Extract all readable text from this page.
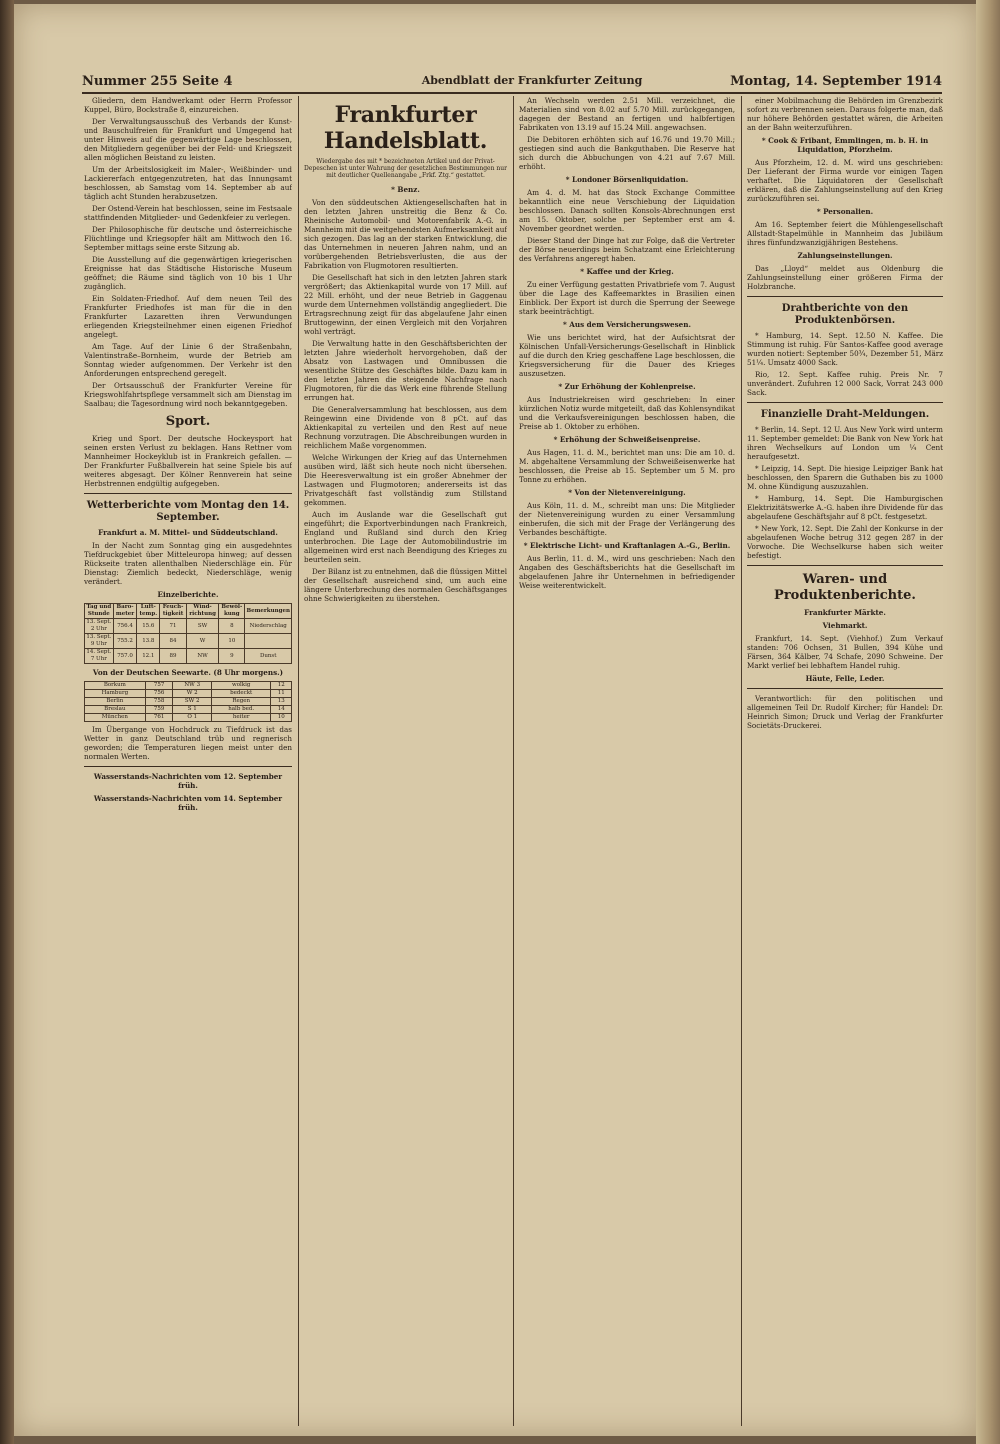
Nummer 255 Seite 4	Abendblatt der Frankfurter Zeitung	Montag, 14. September 1914

Gliedern, dem Handwerkamt oder Herrn Professor Kuppel, Büro, Bockstraße 8, einzureichen.

Der Verwaltungsausschuß des Verbands der Kunst- und Bauschulfreien für Frankfurt und Umgegend hat unter Hinweis auf die gegenwärtige Lage beschlossen, den Mitgliedern gegenüber bei der Feld- und Kriegszeit allen möglichen Beistand zu leisten.

Um der Arbeitslosigkeit im Maler-, Weißbinder- und Lackiererfach entgegenzutreten, hat das Innungsamt beschlossen, ab Samstag vom 14. September ab auf täglich acht Stunden herabzusetzen.

Der Ostend-Verein hat beschlossen, seine im Festsaale stattfindenden Mitglieder- und Gedenkfeier zu verlegen.

Der Philosophische für deutsche und österreichische Flüchtlinge und Kriegsopfer hält am Mittwoch den 16. September mittags seine erste Sitzung ab.

Die Ausstellung auf die gegenwärtigen kriegerischen Ereignisse hat das Städtische Historische Museum geöffnet; die Räume sind täglich von 10 bis 1 Uhr zugänglich.

Ein Soldaten-Friedhof. Auf dem neuen Teil des Frankfurter Friedhofes ist man für die in den Frankfurter Lazaretten ihren Verwundungen erliegenden Kriegsteilnehmer einen eigenen Friedhof angelegt.

Am Tage. Auf der Linie 6 der Straßenbahn, Valentinstraße–Bornheim, wurde der Betrieb am Sonntag wieder aufgenommen. Der Verkehr ist den Anforderungen entsprechend geregelt.

Der Ortsausschuß der Frankfurter Vereine für Kriegswohlfahrtspflege versammelt sich am Dienstag im Saalbau; die Tagesordnung wird noch bekanntgegeben.

Sport.

Krieg und Sport. Der deutsche Hockeysport hat seinen ersten Verlust zu beklagen. Hans Rettner vom Mannheimer Hockeyklub ist in Frankreich gefallen. — Der Frankfurter Fußballverein hat seine Spiele bis auf weiteres abgesagt. Der Kölner Rennverein hat seine Herbstrennen endgültig aufgegeben.

Wetterberichte vom Montag den 14. September.
Frankfurt a. M. Mittel- und Süddeutschland.

In der Nacht zum Sonntag ging ein ausgedehntes Tiefdruckgebiet über Mitteleuropa hinweg; auf dessen Rückseite traten allenthalben Niederschläge ein. Für Dienstag: Ziemlich bedeckt, Niederschläge, wenig verändert.

Einzelberichte.
Tag und Stunde	Baro-meter	Luft-temp.	Feuch-tigkeit	Wind-richtung	Bewöl-kung	Bemerkungen
13. Sept. 2 Uhr	756.4	15.6	71	SW	8	Niederschlag
13. Sept. 9 Uhr	755.2	13.8	84	W	10	
14. Sept. 7 Uhr	757.0	12.1	89	NW	9	Dunst
Von der Deutschen Seewarte. (8 Uhr morgens.)
Borkum	757	NW 3	wolkig	12
Hamburg	756	W 2	bedeckt	11
Berlin	758	SW 2	Regen	13
Breslau	759	S 1	halb bed.	14
München	761	O 1	heiter	10

Im Übergange von Hochdruck zu Tiefdruck ist das Wetter in ganz Deutschland trüb und regnerisch geworden; die Temperaturen liegen meist unter den normalen Werten.

Wasserstands-Nachrichten vom 12. September früh.
Wasserstands-Nachrichten vom 14. September früh.
Frankfurter Handelsblatt.
Wiedergabe des mit * bezeichneten Artikel und der Privat-Depeschen ist unter Wahrung der gesetzlichen Bestimmungen nur mit deutlicher Quellenangabe „Frkf. Ztg.“ gestattet.
* Benz.

Von den süddeutschen Aktiengesellschaften hat in den letzten Jahren unstreitig die Benz & Co. Rheinische Automobil- und Motorenfabrik A.-G. in Mannheim mit die weitgehendsten Aufmerksamkeit auf sich gezogen. Das lag an der starken Entwicklung, die das Unternehmen in neueren Jahren nahm, und an vorübergehenden Betriebsverlusten, die aus der Fabrikation von Flugmotoren resultierten.

Die Gesellschaft hat sich in den letzten Jahren stark vergrößert; das Aktienkapital wurde von 17 Mill. auf 22 Mill. erhöht, und der neue Betrieb in Gaggenau wurde dem Unternehmen vollständig angegliedert. Die Ertragsrechnung zeigt für das abgelaufene Jahr einen Bruttogewinn, der einen Vergleich mit den Vorjahren wohl verträgt.

Die Verwaltung hatte in den Geschäftsberichten der letzten Jahre wiederholt hervorgehoben, daß der Absatz von Lastwagen und Omnibussen die wesentliche Stütze des Geschäftes bilde. Dazu kam in den letzten Jahren die steigende Nachfrage nach Flugmotoren, für die das Werk eine führende Stellung errungen hat.

Die Generalversammlung hat beschlossen, aus dem Reingewinn eine Dividende von 8 pCt. auf das Aktienkapital zu verteilen und den Rest auf neue Rechnung vorzutragen. Die Abschreibungen wurden in reichlichem Maße vorgenommen.

Welche Wirkungen der Krieg auf das Unternehmen ausüben wird, läßt sich heute noch nicht übersehen. Die Heeresverwaltung ist ein großer Abnehmer der Lastwagen und Flugmotoren; andererseits ist das Privatgeschäft fast vollständig zum Stillstand gekommen.

Auch im Auslande war die Gesellschaft gut eingeführt; die Exportverbindungen nach Frankreich, England und Rußland sind durch den Krieg unterbrochen. Die Lage der Automobilindustrie im allgemeinen wird erst nach Beendigung des Krieges zu beurteilen sein.

Der Bilanz ist zu entnehmen, daß die flüssigen Mittel der Gesellschaft ausreichend sind, um auch eine längere Unterbrechung des normalen Geschäftsganges ohne Schwierigkeiten zu überstehen.

An Wechseln werden 2.51 Mill. verzeichnet, die Materialien sind von 8.02 auf 5.70 Mill. zurückgegangen, dagegen der Bestand an fertigen und halbfertigen Fabrikaten von 13.19 auf 15.24 Mill. angewachsen.

Die Debitoren erhöhten sich auf 16.76 und 19.70 Mill.; gestiegen sind auch die Bankguthaben. Die Reserve hat sich durch die Abbuchungen von 4.21 auf 7.67 Mill. erhöht.

* Londoner Börsenliquidation.

Am 4. d. M. hat das Stock Exchange Committee bekanntlich eine neue Verschiebung der Liquidation beschlossen. Danach sollten Konsols-Abrechnungen erst am 15. Oktober, solche per September erst am 4. November geordnet werden.

Dieser Stand der Dinge hat zur Folge, daß die Vertreter der Börse neuerdings beim Schatzamt eine Erleichterung des Verfahrens angeregt haben.

* Kaffee und der Krieg.

Zu einer Verfügung gestatten Privatbriefe vom 7. August über die Lage des Kaffeemarktes in Brasilien einen Einblick. Der Export ist durch die Sperrung der Seewege stark beeinträchtigt.

* Aus dem Versicherungswesen.

Wie uns berichtet wird, hat der Aufsichtsrat der Kölnischen Unfall-Versicherungs-Gesellschaft in Hinblick auf die durch den Krieg geschaffene Lage beschlossen, die Kriegsversicherung für die Dauer des Krieges auszusetzen.

* Zur Erhöhung der Kohlenpreise.

Aus Industriekreisen wird geschrieben: In einer kürzlichen Notiz wurde mitgeteilt, daß das Kohlensyndikat und die Verkaufsvereinigungen beschlossen haben, die Preise ab 1. Oktober zu erhöhen.

* Erhöhung der Schweißeisenpreise.

Aus Hagen, 11. d. M., berichtet man uns: Die am 10. d. M. abgehaltene Versammlung der Schweißeisenwerke hat beschlossen, die Preise ab 15. September um 5 M. pro Tonne zu erhöhen.

* Von der Nietenvereinigung.

Aus Köln, 11. d. M., schreibt man uns: Die Mitglieder der Nietenvereinigung wurden zu einer Versammlung einberufen, die sich mit der Frage der Verlängerung des Verbandes beschäftigte.

* Elektrische Licht- und Kraftanlagen A.-G., Berlin.

Aus Berlin, 11. d. M., wird uns geschrieben: Nach den Angaben des Geschäftsberichts hat die Gesellschaft im abgelaufenen Jahre ihr Unternehmen in befriedigender Weise weiterentwickelt.

einer Mobilmachung die Behörden im Grenzbezirk sofort zu verbrennen seien. Daraus folgerte man, daß nur höhere Behörden gestattet wären, die Arbeiten an der Bahn weiterzuführen.

* Cook & Fribant, Emmlingen, m. b. H. in Liquidation, Pforzheim.

Aus Pforzheim, 12. d. M. wird uns geschrieben: Der Lieferant der Firma wurde vor einigen Tagen verhaftet. Die Liquidatoren der Gesellschaft erklären, daß die Zahlungseinstellung auf den Krieg zurückzuführen sei.

* Personalien.

Am 16. September feiert die Mühlengesellschaft Allstadt-Stapelmühle in Mannheim das Jubiläum ihres fünfundzwanzigjährigen Bestehens.

Zahlungseinstellungen.

Das „Lloyd“ meldet aus Oldenburg die Zahlungseinstellung einer größeren Firma der Holzbranche.

Drahtberichte von den Produktenbörsen.

* Hamburg, 14. Sept. 12.50 N. Kaffee. Die Stimmung ist ruhig. Für Santos-Kaffee good average wurden notiert: September 50¾, Dezember 51, März 51¼. Umsatz 4000 Sack.

Rio, 12. Sept. Kaffee ruhig. Preis Nr. 7 unverändert. Zufuhren 12 000 Sack, Vorrat 243 000 Sack.

Finanzielle Draht-Meldungen.

* Berlin, 14. Sept. 12 U. Aus New York wird unterm 11. September gemeldet: Die Bank von New York hat ihren Wechselkurs auf London um ¼ Cent heraufgesetzt.

* Leipzig, 14. Sept. Die hiesige Leipziger Bank hat beschlossen, den Sparern die Guthaben bis zu 1000 M. ohne Kündigung auszuzahlen.

* Hamburg, 14. Sept. Die Hamburgischen Elektrizitätswerke A.-G. haben ihre Dividende für das abgelaufene Geschäftsjahr auf 8 pCt. festgesetzt.

* New York, 12. Sept. Die Zahl der Konkurse in der abgelaufenen Woche betrug 312 gegen 287 in der Vorwoche. Die Wechselkurse haben sich weiter befestigt.

Waren- und Produktenberichte.
Frankfurter Märkte.
Viehmarkt.

Frankfurt, 14. Sept. (Viehhof.) Zum Verkauf standen: 706 Ochsen, 31 Bullen, 394 Kühe und Färsen, 364 Kälber, 74 Schafe, 2090 Schweine. Der Markt verlief bei lebhaftem Handel ruhig.

Häute, Felle, Leder.

Verantwortlich: für den politischen und allgemeinen Teil Dr. Rudolf Kircher; für Handel: Dr. Heinrich Simon; Druck und Verlag der Frankfurter Societäts-Druckerei.
